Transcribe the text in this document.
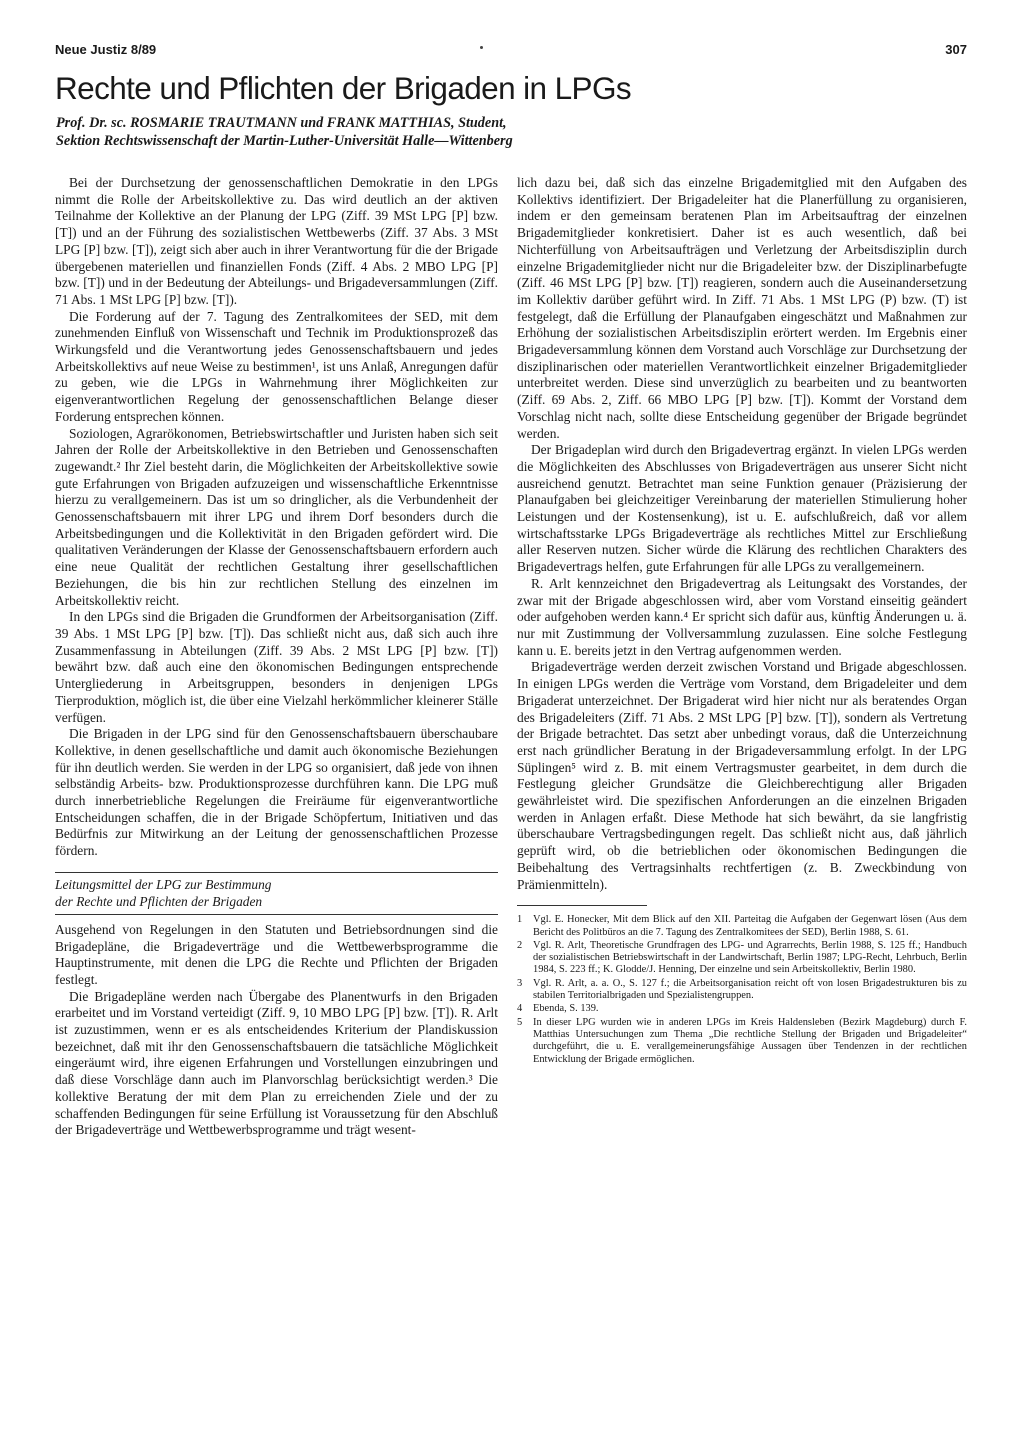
Neue Justiz 8/89	307
Rechte und Pflichten der Brigaden in LPGs
Prof. Dr. sc. ROSMARIE TRAUTMANN und FRANK MATTHIAS, Student,
Sektion Rechtswissenschaft der Martin-Luther-Universität Halle—Wittenberg

Bei der Durchsetzung der genossenschaftlichen Demokratie in den LPGs nimmt die Rolle der Arbeitskollektive zu. Das wird deutlich an der aktiven Teilnahme der Kollektive an der Planung der LPG (Ziff. 39 MSt LPG [P] bzw. [T]) und an der Führung des sozialistischen Wettbewerbs (Ziff. 37 Abs. 3 MSt LPG [P] bzw. [T]), zeigt sich aber auch in ihrer Verantwortung für die der Brigade übergebenen materiellen und finanziellen Fonds (Ziff. 4 Abs. 2 MBO LPG [P] bzw. [T]) und in der Bedeutung der Abteilungs- und Brigadeversammlungen (Ziff. 71 Abs. 1 MSt LPG [P] bzw. [T]).

Die Forderung auf der 7. Tagung des Zentralkomitees der SED, mit dem zunehmenden Einfluß von Wissenschaft und Technik im Produktionsprozeß das Wirkungsfeld und die Verantwortung jedes Genossenschaftsbauern und jedes Arbeitskollektivs auf neue Weise zu bestimmen¹, ist uns Anlaß, Anregungen dafür zu geben, wie die LPGs in Wahrnehmung ihrer Möglichkeiten zur eigenverantwortlichen Regelung der genossenschaftlichen Belange dieser Forderung entsprechen können.

Soziologen, Agrarökonomen, Betriebswirtschaftler und Juristen haben sich seit Jahren der Rolle der Arbeitskollektive in den Betrieben und Genossenschaften zugewandt.² Ihr Ziel besteht darin, die Möglichkeiten der Arbeitskollektive sowie gute Erfahrungen von Brigaden aufzuzeigen und wissenschaftliche Erkenntnisse hierzu zu verallgemeinern. Das ist um so dringlicher, als die Verbundenheit der Genossenschaftsbauern mit ihrer LPG und ihrem Dorf besonders durch die Arbeitsbedingungen und die Kollektivität in den Brigaden gefördert wird. Die qualitativen Veränderungen der Klasse der Genossenschaftsbauern erfordern auch eine neue Qualität der rechtlichen Gestaltung ihrer gesellschaftlichen Beziehungen, die bis hin zur rechtlichen Stellung des einzelnen im Arbeitskollektiv reicht.

In den LPGs sind die Brigaden die Grundformen der Arbeitsorganisation (Ziff. 39 Abs. 1 MSt LPG [P] bzw. [T]). Das schließt nicht aus, daß sich auch ihre Zusammenfassung in Abteilungen (Ziff. 39 Abs. 2 MSt LPG [P] bzw. [T]) bewährt bzw. daß auch eine den ökonomischen Bedingungen entsprechende Untergliederung in Arbeitsgruppen, besonders in denjenigen LPGs Tierproduktion, möglich ist, die über eine Vielzahl herkömmlicher kleinerer Ställe verfügen.

Die Brigaden in der LPG sind für den Genossenschaftsbauern überschaubare Kollektive, in denen gesellschaftliche und damit auch ökonomische Beziehungen für ihn deutlich werden. Sie werden in der LPG so organisiert, daß jede von ihnen selbständig Arbeits- bzw. Produktionsprozesse durchführen kann. Die LPG muß durch innerbetriebliche Regelungen die Freiräume für eigenverantwortliche Entscheidungen schaffen, die in der Brigade Schöpfertum, Initiativen und das Bedürfnis zur Mitwirkung an der Leitung der genossenschaftlichen Prozesse fördern.

Leitungsmittel der LPG zur Bestimmung
der Rechte und Pflichten der Brigaden

Ausgehend von Regelungen in den Statuten und Betriebsordnungen sind die Brigadepläne, die Brigadeverträge und die Wettbewerbsprogramme die Hauptinstrumente, mit denen die LPG die Rechte und Pflichten der Brigaden festlegt.

Die Brigadepläne werden nach Übergabe des Planentwurfs in den Brigaden erarbeitet und im Vorstand verteidigt (Ziff. 9, 10 MBO LPG [P] bzw. [T]). R. Arlt ist zuzustimmen, wenn er es als entscheidendes Kriterium der Plandiskussion bezeichnet, daß mit ihr den Genossenschaftsbauern die tatsächliche Möglichkeit eingeräumt wird, ihre eigenen Erfahrungen und Vorstellungen einzubringen und daß diese Vorschläge dann auch im Planvorschlag berücksichtigt werden.³ Die kollektive Beratung der mit dem Plan zu erreichenden Ziele und der zu schaffenden Bedingungen für seine Erfüllung ist Voraussetzung für den Abschluß der Brigadeverträge und Wettbewerbsprogramme und trägt wesent-

lich dazu bei, daß sich das einzelne Brigademitglied mit den Aufgaben des Kollektivs identifiziert. Der Brigadeleiter hat die Planerfüllung zu organisieren, indem er den gemeinsam beratenen Plan im Arbeitsauftrag der einzelnen Brigademitglieder konkretisiert. Daher ist es auch wesentlich, daß bei Nichterfüllung von Arbeitsaufträgen und Verletzung der Arbeitsdisziplin durch einzelne Brigademitglieder nicht nur die Brigadeleiter bzw. der Disziplinarbefugte (Ziff. 46 MSt LPG [P] bzw. [T]) reagieren, sondern auch die Auseinandersetzung im Kollektiv darüber geführt wird. In Ziff. 71 Abs. 1 MSt LPG (P) bzw. (T) ist festgelegt, daß die Erfüllung der Planaufgaben eingeschätzt und Maßnahmen zur Erhöhung der sozialistischen Arbeitsdisziplin erörtert werden. Im Ergebnis einer Brigadeversammlung können dem Vorstand auch Vorschläge zur Durchsetzung der disziplinarischen oder materiellen Verantwortlichkeit einzelner Brigademitglieder unterbreitet werden. Diese sind unverzüglich zu bearbeiten und zu beantworten (Ziff. 69 Abs. 2, Ziff. 66 MBO LPG [P] bzw. [T]). Kommt der Vorstand dem Vorschlag nicht nach, sollte diese Entscheidung gegenüber der Brigade begründet werden.

Der Brigadeplan wird durch den Brigadevertrag ergänzt. In vielen LPGs werden die Möglichkeiten des Abschlusses von Brigadeverträgen aus unserer Sicht nicht ausreichend genutzt. Betrachtet man seine Funktion genauer (Präzisierung der Planaufgaben bei gleichzeitiger Vereinbarung der materiellen Stimulierung hoher Leistungen und der Kostensenkung), ist u. E. aufschlußreich, daß vor allem wirtschaftsstarke LPGs Brigadeverträge als rechtliches Mittel zur Erschließung aller Reserven nutzen. Sicher würde die Klärung des rechtlichen Charakters des Brigadevertrags helfen, gute Erfahrungen für alle LPGs zu verallgemeinern.

R. Arlt kennzeichnet den Brigadevertrag als Leitungsakt des Vorstandes, der zwar mit der Brigade abgeschlossen wird, aber vom Vorstand einseitig geändert oder aufgehoben werden kann.⁴ Er spricht sich dafür aus, künftig Änderungen u. ä. nur mit Zustimmung der Vollversammlung zuzulassen. Eine solche Festlegung kann u. E. bereits jetzt in den Vertrag aufgenommen werden.

Brigadeverträge werden derzeit zwischen Vorstand und Brigade abgeschlossen. In einigen LPGs werden die Verträge vom Vorstand, dem Brigadeleiter und dem Brigaderat unterzeichnet. Der Brigaderat wird hier nicht nur als beratendes Organ des Brigadeleiters (Ziff. 71 Abs. 2 MSt LPG [P] bzw. [T]), sondern als Vertretung der Brigade betrachtet. Das setzt aber unbedingt voraus, daß die Unterzeichnung erst nach gründlicher Beratung in der Brigadeversammlung erfolgt. In der LPG Süplingen⁵ wird z. B. mit einem Vertragsmuster gearbeitet, in dem durch die Festlegung gleicher Grundsätze die Gleichberechtigung aller Brigaden gewährleistet wird. Die spezifischen Anforderungen an die einzelnen Brigaden werden in Anlagen erfaßt. Diese Methode hat sich bewährt, da sie langfristig überschaubare Vertragsbedingungen regelt. Das schließt nicht aus, daß jährlich geprüft wird, ob die betrieblichen oder ökonomischen Bedingungen die Beibehaltung des Vertragsinhalts rechtfertigen (z. B. Zweckbindung von Prämienmitteln).

1	Vgl. E. Honecker, Mit dem Blick auf den XII. Parteitag die Aufgaben der Gegenwart lösen (Aus dem Bericht des Politbüros an die 7. Tagung des Zentralkomitees der SED), Berlin 1988, S. 61.
2	Vgl. R. Arlt, Theoretische Grundfragen des LPG- und Agrarrechts, Berlin 1988, S. 125 ff.; Handbuch der sozialistischen Betriebswirtschaft in der Landwirtschaft, Berlin 1987; LPG-Recht, Lehrbuch, Berlin 1984, S. 223 ff.; K. Glodde/J. Henning, Der einzelne und sein Arbeitskollektiv, Berlin 1980.
3	Vgl. R. Arlt, a. a. O., S. 127 f.; die Arbeitsorganisation reicht oft von losen Brigadestrukturen bis zu stabilen Territorialbrigaden und Spezialistengruppen.
4	Ebenda, S. 139.
5	In dieser LPG wurden wie in anderen LPGs im Kreis Haldensleben (Bezirk Magdeburg) durch F. Matthias Untersuchungen zum Thema „Die rechtliche Stellung der Brigaden und Brigadeleiter“ durchgeführt, die u. E. verallgemeinerungsfähige Aussagen über Tendenzen in der rechtlichen Entwicklung der Brigade ermöglichen.
